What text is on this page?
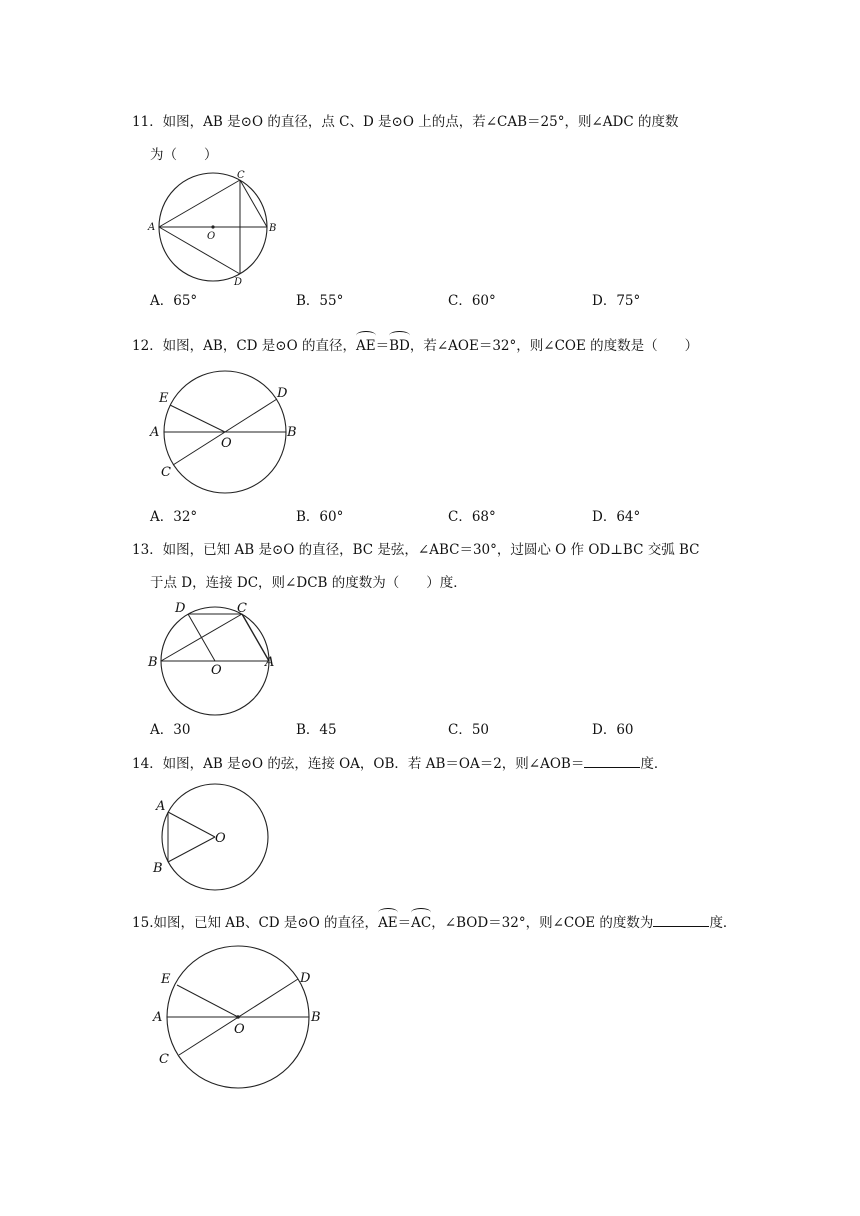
11．如图，AB 是⊙O 的直径，点 C、D 是⊙O 上的点，若∠CAB＝25°，则∠ADC 的度数
为（　　）
A	B
C
D
O
A．65°	B．55°	C．60°	D．75°
12．如图，AB，CD 是⊙O 的直径，AE＝BD，若∠AOE＝32°，则∠COE 的度数是（　　）
E	D
A	B
O
C
A．32°	B．60°	C．68°	D．64°
13．如图，已知 AB 是⊙O 的直径，BC 是弦，∠ABC＝30°，过圆心 O 作 OD⊥BC 交弧 BC
于点 D，连接 DC，则∠DCB 的度数为（　　）度．
D	C
B
O
A
A．30	B．45	C．50	D．60
14．如图，AB 是⊙O 的弦，连接 OA，OB．若 AB＝OA＝2，则∠AOB＝	度．
A
O
B
15.如图，已知 AB、CD 是⊙O 的直径，AE＝AC，∠BOD＝32°，则∠COE 的度数为	度．
E	D
A	B
O
C
